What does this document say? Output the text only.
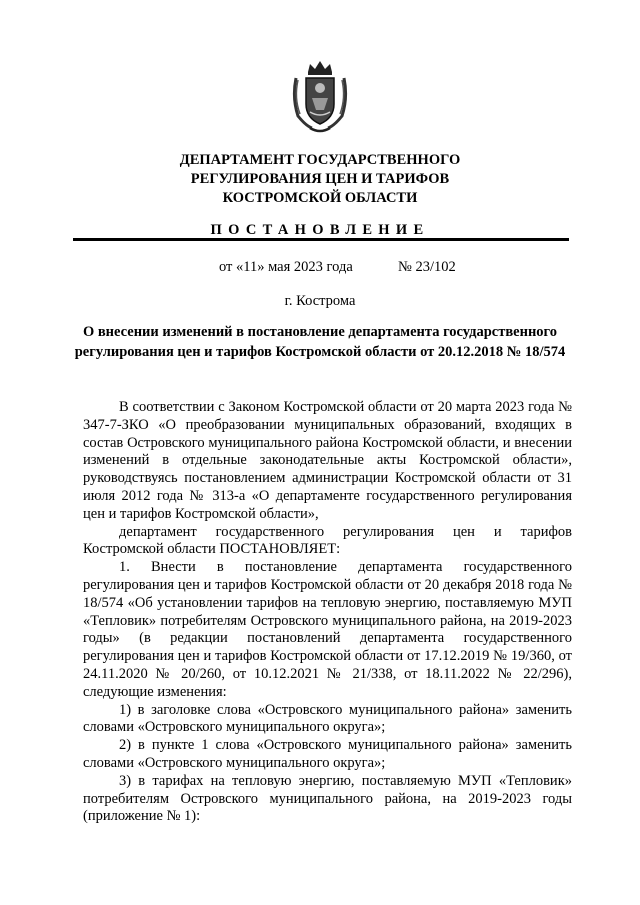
ДЕПАРТАМЕНТ ГОСУДАРСТВЕННОГО
РЕГУЛИРОВАНИЯ ЦЕН И ТАРИФОВ
КОСТРОМСКОЙ ОБЛАСТИ
ПОСТАНОВЛЕНИЕ
от «11» мая 2023 года	№ 23/102
г. Кострома
О внесении изменений в постановление департамента государственного
регулирования цен и тарифов Костромской области от 20.12.2018 № 18/574

В соответствии с Законом Костромской области от 20 марта 2023 года № 347-7-ЗКО «О преобразовании муниципальных образований, входящих в состав Островского муниципального района Костромской области, и внесении изменений в отдельные законодательные акты Костромской области», руководствуясь постановлением администрации Костромской области от 31 июля 2012 года № 313-а «О департаменте государственного регулирования цен и тарифов Костромской области»,

департамент государственного регулирования цен и тарифов Костромской области ПОСТАНОВЛЯЕТ:

1. Внести в постановление департамента государственного регулирования цен и тарифов Костромской области от 20 декабря 2018 года № 18/574 «Об установлении тарифов на тепловую энергию, поставляемую МУП «Тепловик» потребителям Островского муниципального района, на 2019-2023 годы» (в редакции постановлений департамента государственного регулирования цен и тарифов Костромской области от 17.12.2019 № 19/360, от 24.11.2020 № 20/260, от 10.12.2021 № 21/338, от 18.11.2022 № 22/296), следующие изменения:

1) в заголовке слова «Островского муниципального района» заменить словами «Островского муниципального округа»;

2) в пункте 1 слова «Островского муниципального района» заменить словами «Островского муниципального округа»;

3) в тарифах на тепловую энергию, поставляемую МУП «Тепловик» потребителям Островского муниципального района, на 2019-2023 годы (приложение № 1):
